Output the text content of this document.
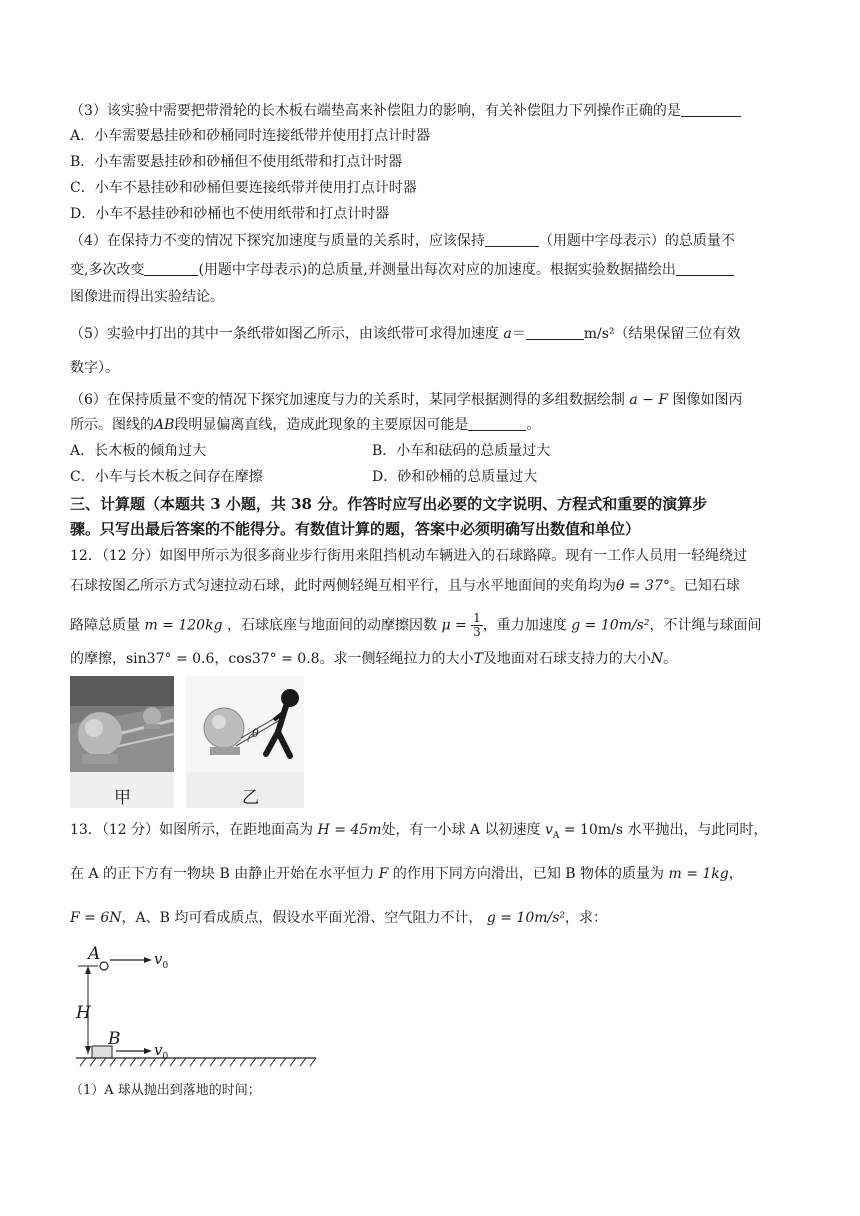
（3）该实验中需要把带滑轮的长木板右端垫高来补偿阻力的影响，有关补偿阻力下列操作正确的是
A．小车需要悬挂砂和砂桶同时连接纸带并使用打点计时器
B．小车需要悬挂砂和砂桶但不使用纸带和打点计时器
C．小车不悬挂砂和砂桶但要连接纸带并使用打点计时器
D．小车不悬挂砂和砂桶也不使用纸带和打点计时器
（4）在保持力不变的情况下探究加速度与质量的关系时，应该保持	（用题中字母表示）的总质量不
变,多次改变	(用题中字母表示)的总质量,并测量出每次对应的加速度。根据实验数据描绘出
图像进而得出实验结论。
（5）实验中打出的其中一条纸带如图乙所示，由该纸带可求得加速度 a＝	m/s²（结果保留三位有效
数字）。
（6）在保持质量不变的情况下探究加速度与力的关系时，某同学根据测得的多组数据绘制 a − F 图像如图丙
所示。图线的AB段明显偏离直线，造成此现象的主要原因可能是	。
A．长木板的倾角过大	B．小车和砝码的总质量过大
C．小车与长木板之间存在摩擦	D．砂和砂桶的总质量过大
三、计算题（本题共 3 小题，共 38 分。作答时应写出必要的文字说明、方程式和重要的演算步
骤。只写出最后答案的不能得分。有数值计算的题，答案中必须明确写出数值和单位）
12．（12 分）如图甲所示为很多商业步行街用来阻挡机动车辆进入的石球路障。现有一工作人员用一轻绳绕过
石球按图乙所示方式匀速拉动石球，此时两侧轻绳互相平行，且与水平地面间的夹角均为θ = 37°。已知石球
路障总质量 m = 120kg ，石球底座与地面间的动摩擦因数 $\mu = \frac{1}{3}$ ，重力加速度 g = 10m/s²，不计绳与球面间
的摩擦，sin37° = 0.6，cos37° = 0.8。求一侧轻绳拉力的大小T及地面对石球支持力的大小N。
甲
θ
乙
13．（12 分）如图所示，在距地面高为 H = 45m处，有一小球 A 以初速度 $v_A = 10m/s$ 水平抛出，与此同时，
在 A 的正下方有一物块 B 由静止开始在水平恒力 F 的作用下同方向滑出，已知 B 物体的质量为 m = 1kg，
F = 6N，A、B 均可看成质点，假设水平面光滑、空气阻力不计， g = 10m/s²，求：
A
H
B
$v_0$
$v_0$
（1）A 球从抛出到落地的时间；
